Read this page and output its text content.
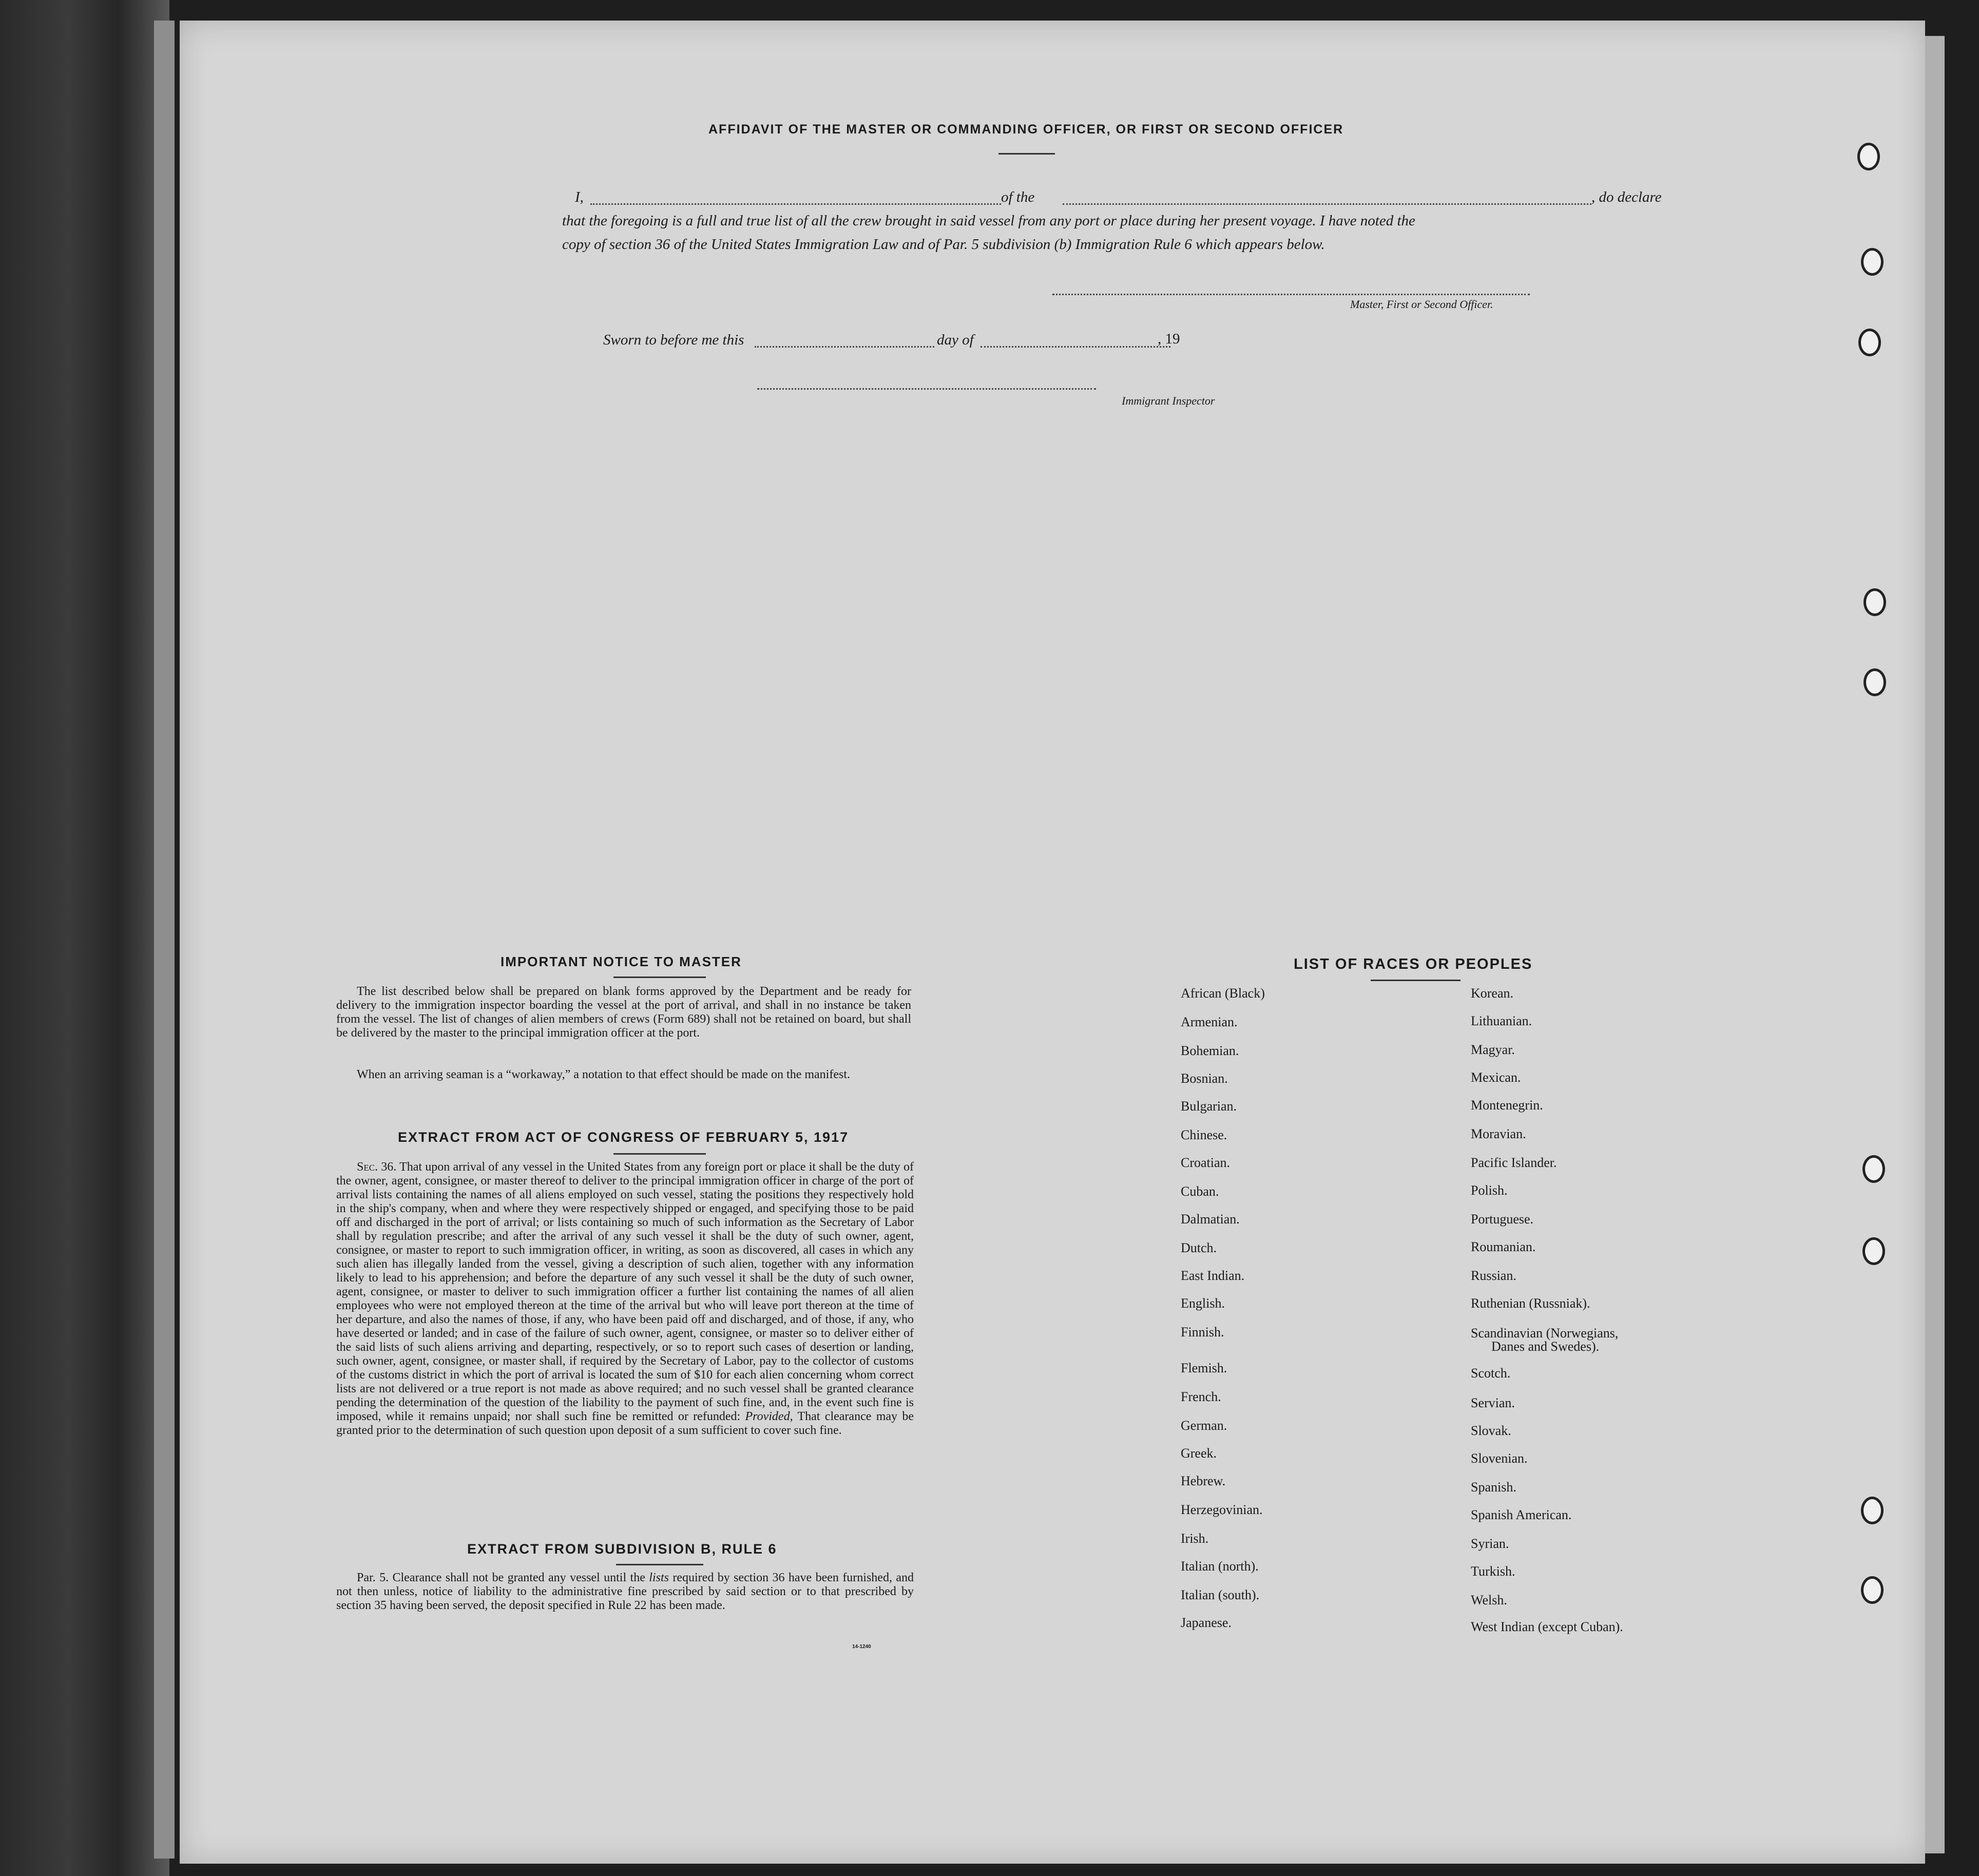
AFFIDAVIT OF THE MASTER OR COMMANDING OFFICER, OR FIRST OR SECOND OFFICER
I,	of the	, do declare
that the foregoing is a full and true list of all the crew brought in said vessel from any port or place during her present voyage. I have noted the
copy of section 36 of the United States Immigration Law and of Par. 5 subdivision (b) Immigration Rule 6 which appears below.
Master, First or Second Officer.
Sworn to before me this	day of	, 19
Immigrant Inspector
IMPORTANT NOTICE TO MASTER
The list described below shall be prepared on blank forms approved by the Department and be ready for delivery to the immigration inspector boarding the vessel at the port of arrival, and shall in no instance be taken from the vessel. The list of changes of alien members of crews (Form 689) shall not be retained on board, but shall be delivered by the master to the principal immigration officer at the port.
When an arriving seaman is a “workaway,” a notation to that effect should be made on the manifest.
EXTRACT FROM ACT OF CONGRESS OF FEBRUARY 5, 1917
Sec. 36. That upon arrival of any vessel in the United States from any foreign port or place it shall be the duty of the owner, agent, consignee, or master thereof to deliver to the principal immigration officer in charge of the port of arrival lists containing the names of all aliens employed on such vessel, stating the positions they respectively hold in the ship's company, when and where they were respectively shipped or engaged, and specifying those to be paid off and discharged in the port of arrival; or lists containing so much of such information as the Secretary of Labor shall by regulation prescribe; and after the arrival of any such vessel it shall be the duty of such owner, agent, consignee, or master to report to such immigration officer, in writing, as soon as discovered, all cases in which any such alien has illegally landed from the vessel, giving a description of such alien, together with any information likely to lead to his apprehension; and before the departure of any such vessel it shall be the duty of such owner, agent, consignee, or master to deliver to such immigration officer a further list containing the names of all alien employees who were not employed thereon at the time of the arrival but who will leave port thereon at the time of her departure, and also the names of those, if any, who have been paid off and discharged, and of those, if any, who have deserted or landed; and in case of the failure of such owner, agent, consignee, or master so to deliver either of the said lists of such aliens arriving and departing, respectively, or so to report such cases of desertion or landing, such owner, agent, consignee, or master shall, if required by the Secretary of Labor, pay to the collector of customs of the customs district in which the port of arrival is located the sum of $10 for each alien concerning whom correct lists are not delivered or a true report is not made as above required; and no such vessel shall be granted clearance pending the determination of the question of the liability to the payment of such fine, and, in the event such fine is imposed, while it remains unpaid; nor shall such fine be remitted or refunded: Provided, That clearance may be granted prior to the determination of such question upon deposit of a sum sufficient to cover such fine.
EXTRACT FROM SUBDIVISION B, RULE 6
Par. 5. Clearance shall not be granted any vessel until the lists required by section 36 have been furnished, and not then unless, notice of liability to the administrative fine prescribed by said section or to that prescribed by section 35 having been served, the deposit specified in Rule 22 has been made.
14-1240
LIST OF RACES OR PEOPLES
African (Black)
Armenian.
Bohemian.
Bosnian.
Bulgarian.
Chinese.
Croatian.
Cuban.
Dalmatian.
Dutch.
East Indian.
English.
Finnish.
Flemish.
French.
German.
Greek.
Hebrew.
Herzegovinian.
Irish.
Italian (north).
Italian (south).
Japanese.
Korean.
Lithuanian.
Magyar.
Mexican.
Montenegrin.
Moravian.
Pacific Islander.
Polish.
Portuguese.
Roumanian.
Russian.
Ruthenian (Russniak).
Scandinavian (Norwegians,
Danes and Swedes).
Scotch.
Servian.
Slovak.
Slovenian.
Spanish.
Spanish American.
Syrian.
Turkish.
Welsh.
West Indian (except Cuban).
